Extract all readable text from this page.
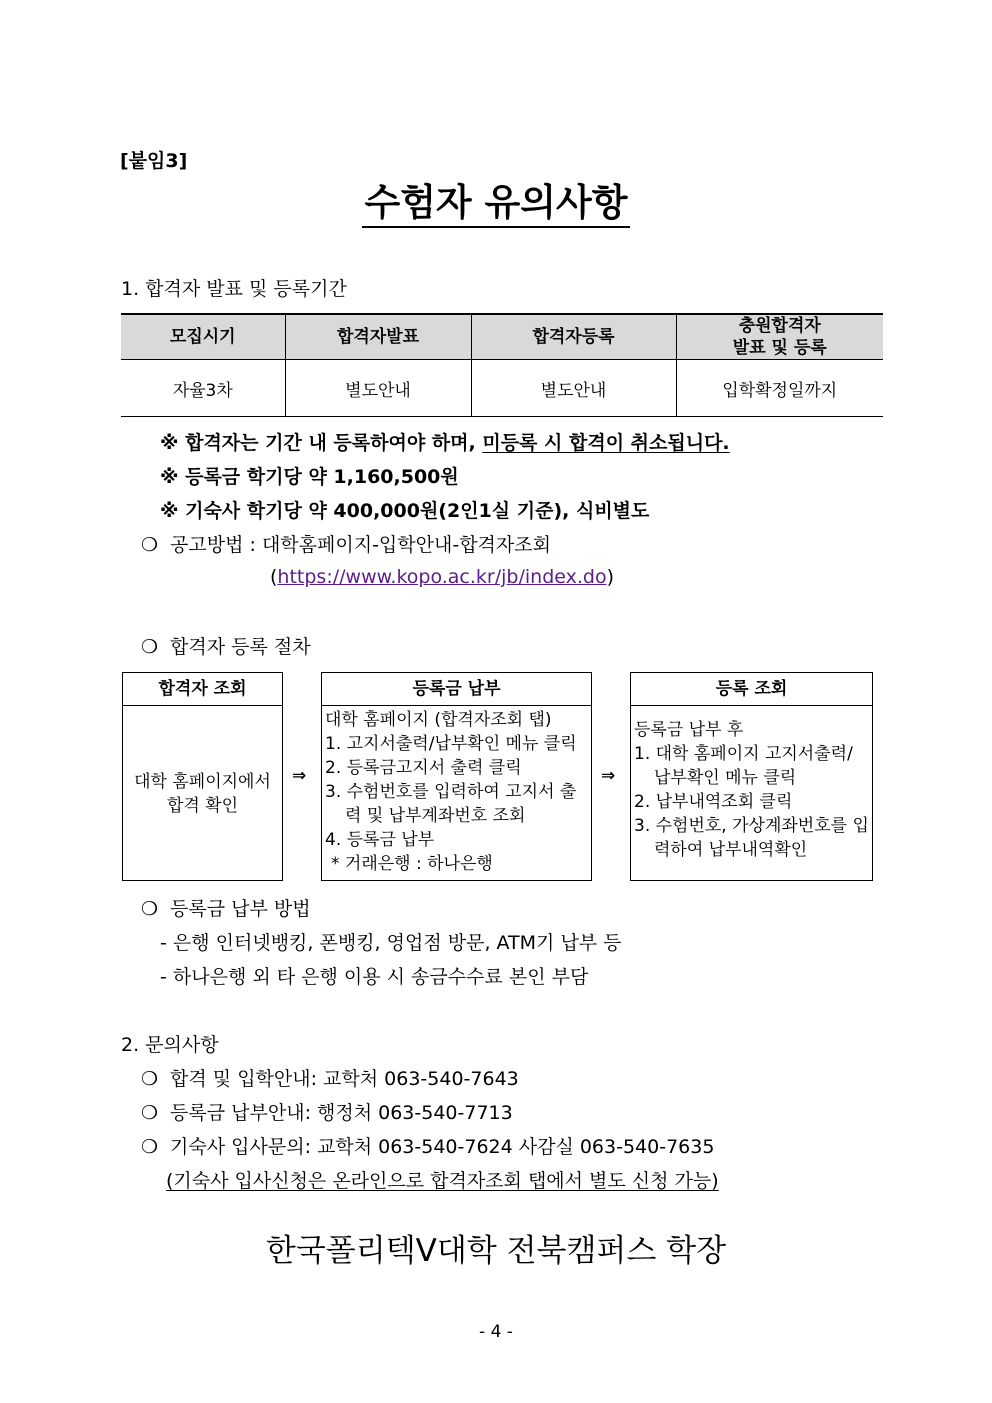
[붙임3]
수험자 유의사항
1. 합격자 발표 및 등록기간
모집시기	합격자발표	합격자등록	충원합격자
발표 및 등록

자율3차	별도안내	별도안내	입학확정일까지
※ 합격자는 기간 내 등록하여야 하며, 미등록 시 합격이 취소됩니다.
※ 등록금 학기당 약 1,160,500원
※ 기숙사 학기당 약 400,000원(2인1실 기준), 식비별도
❍ 공고방법 : 대학홈페이지-입학안내-합격자조회
(https://www.kopo.ac.kr/jb/index.do)
❍ 합격자 등록 절차
합격자 조회
대학 홈페이지에서
합격 확인
⇒
등록금 납부
대학 홈페이지 (합격자조회 탭)
1. 고지서출력/납부확인 메뉴 클릭
2. 등록금고지서 출력 클릭
3. 수험번호를 입력하여 고지서 출력 및 납부계좌번호 조회
4. 등록금 납부
* 거래은행 : 하나은행
⇒
등록 조회
등록금 납부 후
1. 대학 홈페이지 고지서출력/납부확인 메뉴 클릭
2. 납부내역조회 클릭
3. 수험번호, 가상계좌번호를 입력하여 납부내역확인
❍ 등록금 납부 방법
- 은행 인터넷뱅킹, 폰뱅킹, 영업점 방문, ATM기 납부 등
- 하나은행 외 타 은행 이용 시 송금수수료 본인 부담
2. 문의사항
❍ 합격 및 입학안내: 교학처 063-540-7643
❍ 등록금 납부안내: 행정처 063-540-7713
❍ 기숙사 입사문의: 교학처 063-540-7624 사감실 063-540-7635
(기숙사 입사신청은 온라인으로 합격자조회 탭에서 별도 신청 가능)
한국폴리텍V대학 전북캠퍼스 학장
- 4 -
